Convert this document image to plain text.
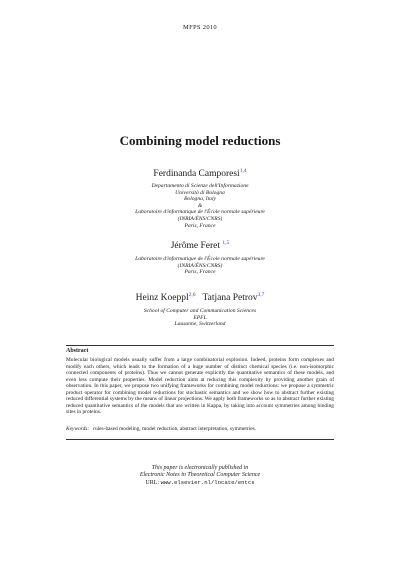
MFPS 2010
Combining model reductions
Ferdinanda Camporesi$^{1,4}$
Departamento di Scienze dell'Informazione
Università di Bologna
Bologna, Italy
&
Laboratoire d'informatique de l'École normale supérieure
(INRIA/ÉNS/CNRS)
Paris, France
Jérôme Feret $^{1,5}$
Laboratoire d'informatique de l'École normale supérieure
(INRIA/ÉNS/CNRS)
Paris, France
Heinz Koeppl$^{2,6}$ Tatjana Petrov$^{3,7}$
School of Computer and Communication Sciences
EPFL
Lausanne, Switzerland
Abstract
Molecular biological models usually suffer from a large combinatorial explosion. Indeed, proteins form complexes and modify each others, which leads to the formation of a huge number of distinct chemical species (i.e. non-isomorphic connected components of proteins). Thus we cannot generate explicitly the quantitative semantics of these models, and even less compute their properties. Model reduction aims at reducing this complexity by providing another grain of observation. In this paper, we propose two unifying frameworks for combining model reductions: we propose a symmetric product operator for combining model reductions for stochastic semantics and we show how to abstract further existing reduced differential systems by the means of linear projections. We apply both frameworks so as to abstract further existing reduced quantitative semantics of the models that are written in Kappa, by taking into account symmetries among binding sites in proteins.
Keywords: rules-based modeling, model reduction, abstract interpretation, symmetries.
This paper is electronically published in
Electronic Notes in Theoretical Computer Science
URL: www.elsevier.nl/locate/entcs
